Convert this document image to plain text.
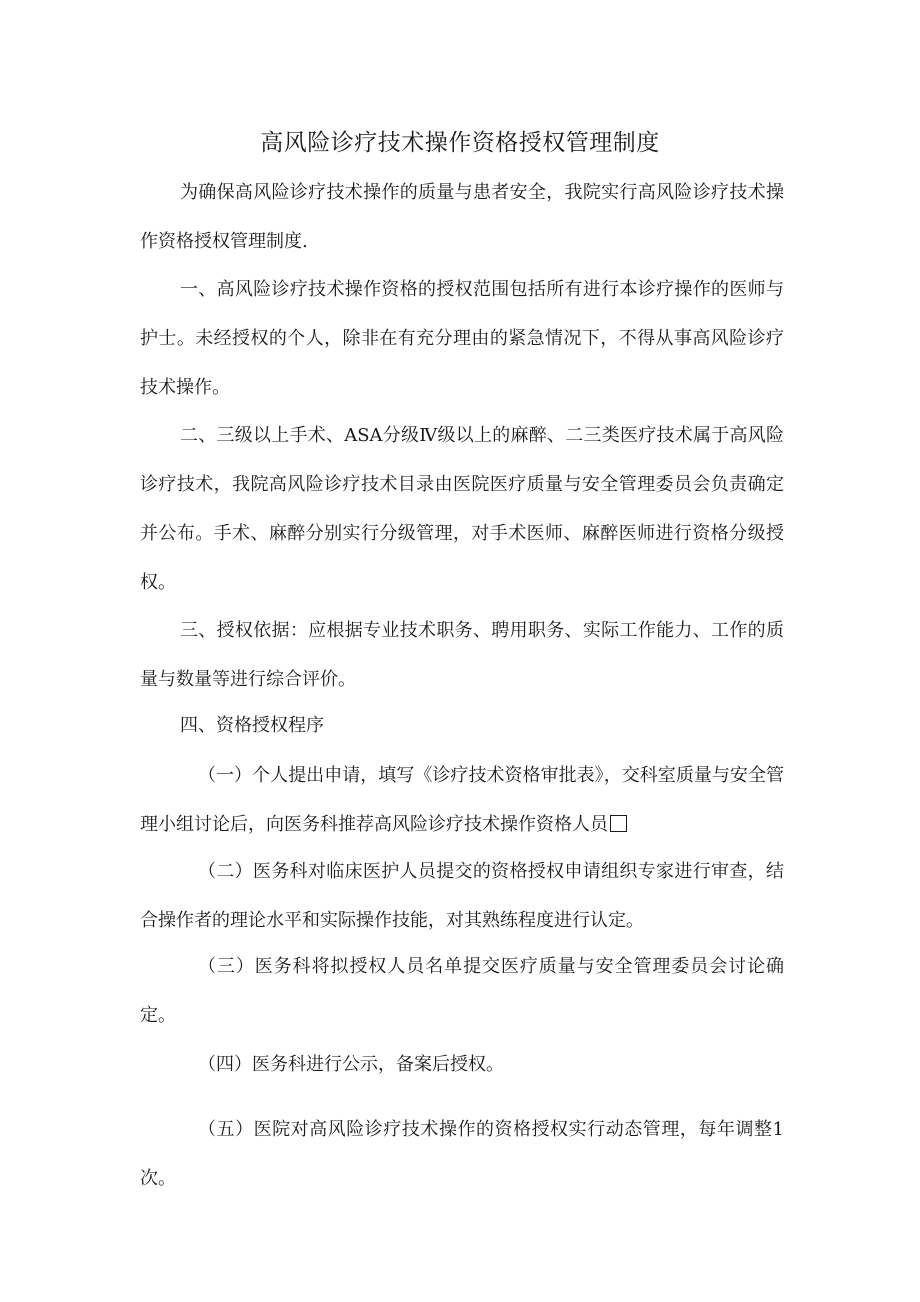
高风险诊疗技术操作资格授权管理制度

为确保高风险诊疗技术操作的质量与患者安全，我院实行高风险诊疗技术操作资格授权管理制度.

一、高风险诊疗技术操作资格的授权范围包括所有进行本诊疗操作的医师与护士。未经授权的个人，除非在有充分理由的紧急情况下，不得从事高风险诊疗技术操作。

二、三级以上手术、ASA分级Ⅳ级以上的麻醉、二三类医疗技术属于高风险诊疗技术，我院高风险诊疗技术目录由医院医疗质量与安全管理委员会负责确定并公布。手术、麻醉分别实行分级管理，对手术医师、麻醉医师进行资格分级授权。

三、授权依据：应根据专业技术职务、聘用职务、实际工作能力、工作的质量与数量等进行综合评价。

四、资格授权程序

（一）个人提出申请，填写《诊疗技术资格审批表》，交科室质量与安全管理小组讨论后，向医务科推荐高风险诊疗技术操作资格人员

（二）医务科对临床医护人员提交的资格授权申请组织专家进行审查，结合操作者的理论水平和实际操作技能，对其熟练程度进行认定。

（三）医务科将拟授权人员名单提交医疗质量与安全管理委员会讨论确定。

（四）医务科进行公示，备案后授权。

（五）医院对高风险诊疗技术操作的资格授权实行动态管理，每年调整1次。
